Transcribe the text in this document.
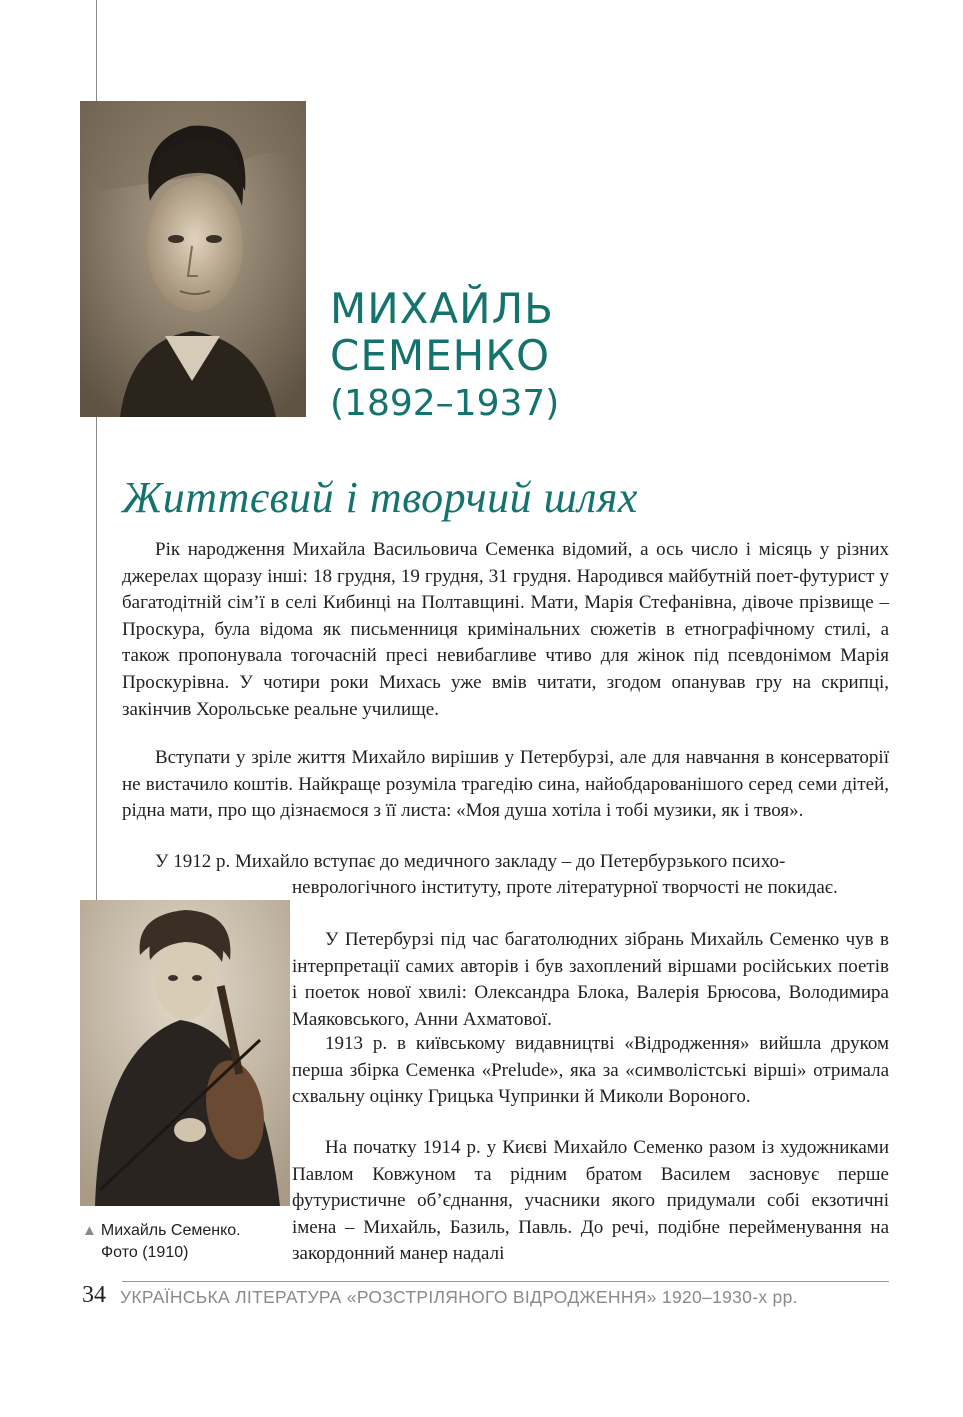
МИХАЙЛЬ
СЕМЕНКО
(1892–1937)
Життєвий і творчий шлях

Рік народження Михайла Васильовича Семенка відомий, а ось число і місяць у різних джерелах щоразу інші: 18 грудня, 19 грудня, 31 грудня. Народився майбутній поет-футурист у багатодітній сім’ї в селі Кибинці на Полтавщині. Мати, Марія Стефанівна, дівоче прізвище – Проскура, була відома як письменниця кримінальних сюжетів в етнографічному стилі, а також пропонувала тогочасній пресі невибагливе чтиво для жінок під псевдонімом Марія Проскурівна. У чотири роки Михась уже вмів читати, згодом опанував гру на скрипці, закінчив Хорольське реальне училище.

Вступати у зріле життя Михайло вирішив у Петербурзі, але для навчання в консерваторії не вистачило коштів. Найкраще розуміла трагедію сина, найобдарованішого серед семи дітей, рідна мати, про що дізнаємося з її листа: «Моя душа хотіла і тобі музики, як і твоя».

У 1912 р. Михайло вступає до медичного закладу – до Петербурзького психо-

неврологічного інституту, проте літературної творчості не покидає.

У Петербурзі під час багатолюдних зібрань Михайль Семенко чув в інтерпретації самих авторів і був захоплений віршами російських поетів і поеток нової хвилі: Олександра Блока, Валерія Брюсова, Володимира Маяковського, Анни Ахматової.

1913 р. в київському видавництві «Відродження» вийшла друком перша збірка Семенка «Prelude», яка за «символістські вірші» отримала схвальну оцінку Грицька Чупринки й Миколи Вороного.

На початку 1914 р. у Києві Михайло Семенко разом із художниками Павлом Ковжуном та рідним братом Василем засновує перше футуристичне об’єднання, учасники якого придумали собі екзотичні імена – Михайль, Базиль, Павль. До речі, подібне перейменування на закордонний манер надалі

▲ Михайль Семенко.
Фото (1910)
34 УКРАЇНСЬКА ЛІТЕРАТУРА «РОЗСТРІЛЯНОГО ВІДРОДЖЕННЯ» 1920–1930-х рр.
